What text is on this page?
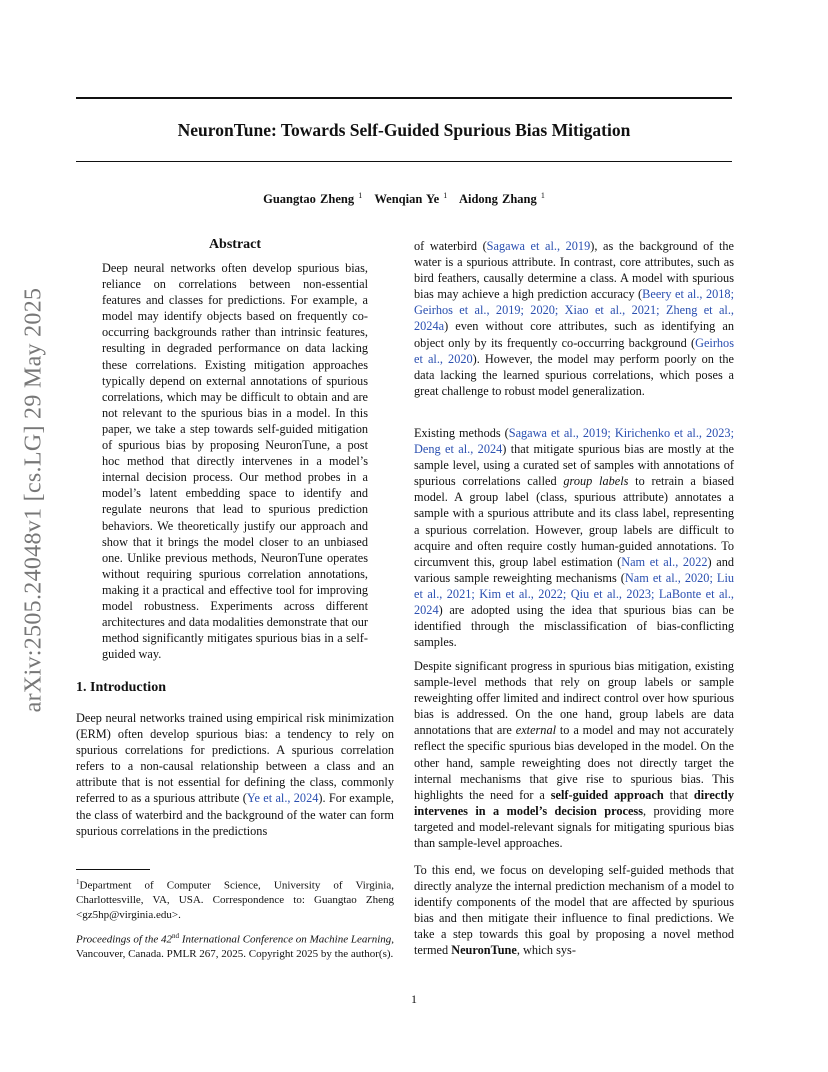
arXiv:2505.24048v1 [cs.LG] 29 May 2025
NeuronTune: Towards Self-Guided Spurious Bias Mitigation
Guangtao Zheng $^1$ Wenqian Ye $^1$ Aidong Zhang $^1$
Abstract

Deep neural networks often develop spurious bias, reliance on correlations between non-essential features and classes for predictions. For example, a model may identify objects based on frequently co-occurring backgrounds rather than intrinsic features, resulting in degraded performance on data lacking these correlations. Existing mitigation approaches typically depend on external annotations of spurious correlations, which may be difficult to obtain and are not relevant to the spurious bias in a model. In this paper, we take a step towards self-guided mitigation of spurious bias by proposing NeuronTune, a post hoc method that directly intervenes in a model’s internal decision process. Our method probes in a model’s latent embedding space to identify and regulate neurons that lead to spurious prediction behaviors. We theoretically justify our approach and show that it brings the model closer to an unbiased one. Unlike previous methods, NeuronTune operates without requiring spurious correlation annotations, making it a practical and effective tool for improving model robustness. Experiments across different architectures and data modalities demonstrate that our method significantly mitigates spurious bias in a self-guided way.

1. Introduction

Deep neural networks trained using empirical risk minimization (ERM) often develop spurious bias: a tendency to rely on spurious correlations for predictions. A spurious correlation refers to a non-causal relationship between a class and an attribute that is not essential for defining the class, commonly referred to as a spurious attribute (Ye et al., 2024). For example, the class of waterbird and the background of the water can form spurious correlations in the predictions

$^1$Department of Computer Science, University of Virginia, Charlottesville, VA, USA. Correspondence to: Guangtao Zheng <gz5hp@virginia.edu>.

Proceedings of the 42nd International Conference on Machine Learning, Vancouver, Canada. PMLR 267, 2025. Copyright 2025 by the author(s).

of waterbird (Sagawa et al., 2019), as the background of the water is a spurious attribute. In contrast, core attributes, such as bird feathers, causally determine a class. A model with spurious bias may achieve a high prediction accuracy (Beery et al., 2018; Geirhos et al., 2019; 2020; Xiao et al., 2021; Zheng et al., 2024a) even without core attributes, such as identifying an object only by its frequently co-occurring background (Geirhos et al., 2020). However, the model may perform poorly on the data lacking the learned spurious correlations, which poses a great challenge to robust model generalization.

Existing methods (Sagawa et al., 2019; Kirichenko et al., 2023; Deng et al., 2024) that mitigate spurious bias are mostly at the sample level, using a curated set of samples with annotations of spurious correlations called group labels to retrain a biased model. A group label (class, spurious attribute) annotates a sample with a spurious attribute and its class label, representing a spurious correlation. However, group labels are difficult to acquire and often require costly human-guided annotations. To circumvent this, group label estimation (Nam et al., 2022) and various sample reweighting mechanisms (Nam et al., 2020; Liu et al., 2021; Kim et al., 2022; Qiu et al., 2023; LaBonte et al., 2024) are adopted using the idea that spurious bias can be identified through the misclassification of bias-conflicting samples.

Despite significant progress in spurious bias mitigation, existing sample-level methods that rely on group labels or sample reweighting offer limited and indirect control over how spurious bias is addressed. On the one hand, group labels are data annotations that are external to a model and may not accurately reflect the specific spurious bias developed in the model. On the other hand, sample reweighting does not directly target the internal mechanisms that give rise to spurious bias. This highlights the need for a self-guided approach that directly intervenes in a model’s decision process, providing more targeted and model-relevant signals for mitigating spurious bias than sample-level approaches.

To this end, we focus on developing self-guided methods that directly analyze the internal prediction mechanism of a model to identify components of the model that are affected by spurious bias and then mitigate their influence to final predictions. We take a step towards this goal by proposing a novel method termed NeuronTune, which sys-

1
